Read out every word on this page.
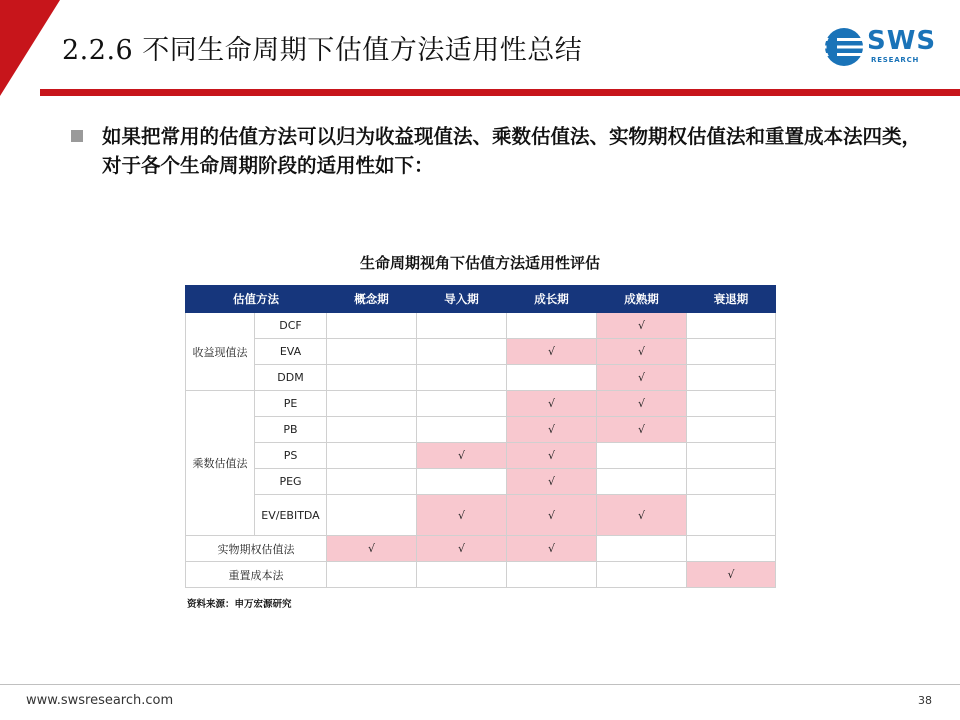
2.2.6 不同生命周期下估值方法适用性总结	SWS
RESEARCH
如果把常用的估值方法可以归为收益现值法、乘数估值法、实物期权估值法和重置成本法四类，对于各个生命周期阶段的适用性如下：
生命周期视角下估值方法适用性评估
估值方法		概念期	导入期	成长期	成熟期	衰退期
收益现值法	DCF				√	
	EVA			√	√	
	DDM				√	
乘数估值法	PE			√	√	
	PB			√	√	
	PS		√	√		
	PEG			√		
	EV/EBITDA		√	√	√	
实物期权估值法		√	√	√		
重置成本法						√
资料来源：申万宏源研究
www.swsresearch.com	38
